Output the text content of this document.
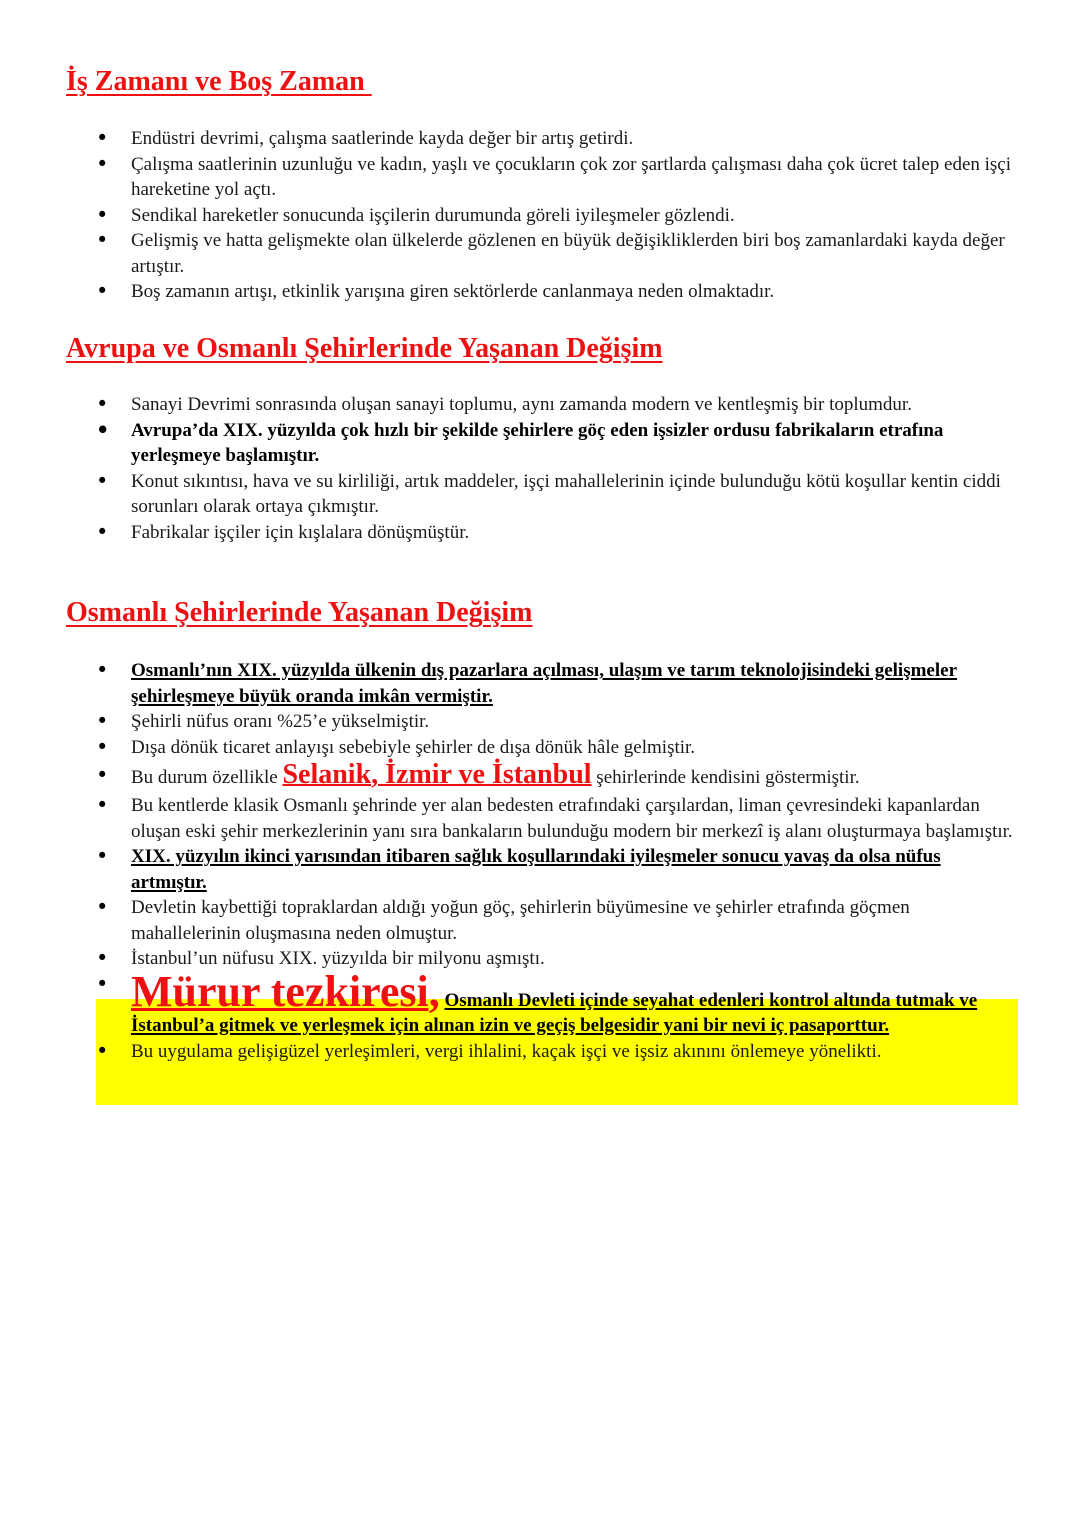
İş Zamanı ve Boş Zaman
• Endüstri devrimi, çalışma saatlerinde kayda değer bir artış getirdi.
• Çalışma saatlerinin uzunluğu ve kadın, yaşlı ve çocukların çok zor şartlarda çalışması daha çok ücret talep eden işçi hareketine yol açtı.
• Sendikal hareketler sonucunda işçilerin durumunda göreli iyileşmeler gözlendi.
• Gelişmiş ve hatta gelişmekte olan ülkelerde gözlenen en büyük değişikliklerden biri boş zamanlardaki kayda değer artıştır.
• Boş zamanın artışı, etkinlik yarışına giren sektörlerde canlanmaya neden olmaktadır.
Avrupa ve Osmanlı Şehirlerinde Yaşanan Değişim
• Sanayi Devrimi sonrasında oluşan sanayi toplumu, aynı zamanda modern ve kentleşmiş bir toplumdur.
• Avrupa’da XIX. yüzyılda çok hızlı bir şekilde şehirlere göç eden işsizler ordusu fabrikaların etrafına yerleşmeye başlamıştır.
• Konut sıkıntısı, hava ve su kirliliği, artık maddeler, işçi mahallelerinin içinde bulunduğu kötü koşullar kentin ciddi sorunları olarak ortaya çıkmıştır.
• Fabrikalar işçiler için kışlalara dönüşmüştür.
Osmanlı Şehirlerinde Yaşanan Değişim
• Osmanlı’nın XIX. yüzyılda ülkenin dış pazarlara açılması, ulaşım ve tarım teknolojisindeki gelişmeler şehirleşmeye büyük oranda imkân vermiştir.
• Şehirli nüfus oranı %25’e yükselmiştir.
• Dışa dönük ticaret anlayışı sebebiyle şehirler de dışa dönük hâle gelmiştir.
• Bu durum özellikle Selanik, İzmir ve İstanbul şehirlerinde kendisini göstermiştir.
• Bu kentlerde klasik Osmanlı şehrinde yer alan bedesten etrafındaki çarşılardan, liman çevresindeki kapanlardan oluşan eski şehir merkezlerinin yanı sıra bankaların bulunduğu modern bir merkezî iş alanı oluşturmaya başlamıştır.
• XIX. yüzyılın ikinci yarısından itibaren sağlık koşullarındaki iyileşmeler sonucu yavaş da olsa nüfus artmıştır.
• Devletin kaybettiği topraklardan aldığı yoğun göç, şehirlerin büyümesine ve şehirler etrafında göçmen mahallelerinin oluşmasına neden olmuştur.
• İstanbul’un nüfusu XIX. yüzyılda bir milyonu aşmıştı.
• Mürur tezkiresi, Osmanlı Devleti içinde seyahat edenleri kontrol altında tutmak ve İstanbul’a gitmek ve yerleşmek için alınan izin ve geçiş belgesidir yani bir nevi iç pasaporttur.
• Bu uygulama gelişigüzel yerleşimleri, vergi ihlalini, kaçak işçi ve işsiz akınını önlemeye yönelikti.
